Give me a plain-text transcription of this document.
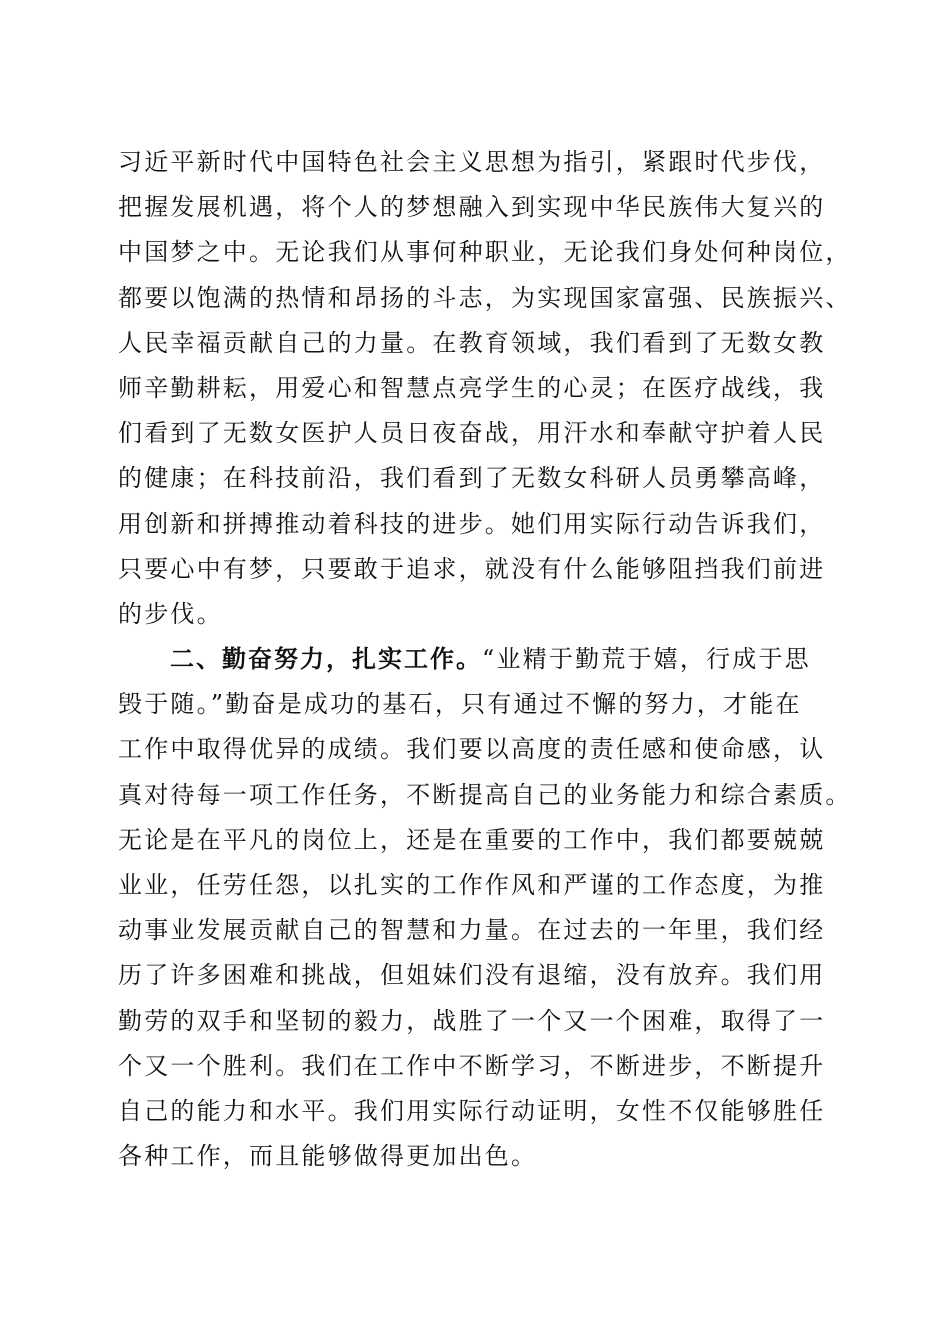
习近平新时代中国特色社会主义思想为指引，紧跟时代步伐，
把握发展机遇，将个人的梦想融入到实现中华民族伟大复兴的
中国梦之中。无论我们从事何种职业，无论我们身处何种岗位，
都要以饱满的热情和昂扬的斗志，为实现国家富强、民族振兴、
人民幸福贡献自己的力量。在教育领域，我们看到了无数女教
师辛勤耕耘，用爱心和智慧点亮学生的心灵；在医疗战线，我
们看到了无数女医护人员日夜奋战，用汗水和奉献守护着人民
的健康；在科技前沿，我们看到了无数女科研人员勇攀高峰，
用创新和拼搏推动着科技的进步。她们用实际行动告诉我们，
只要心中有梦，只要敢于追求，就没有什么能够阻挡我们前进
的步伐。
二、勤奋努力，扎实工作。“业精于勤荒于嬉，行成于思
毁于随。”勤奋是成功的基石，只有通过不懈的努力，才能在
工作中取得优异的成绩。我们要以高度的责任感和使命感，认
真对待每一项工作任务，不断提高自己的业务能力和综合素质。
无论是在平凡的岗位上，还是在重要的工作中，我们都要兢兢
业业，任劳任怨，以扎实的工作作风和严谨的工作态度，为推
动事业发展贡献自己的智慧和力量。在过去的一年里，我们经
历了许多困难和挑战，但姐妹们没有退缩，没有放弃。我们用
勤劳的双手和坚韧的毅力，战胜了一个又一个困难，取得了一
个又一个胜利。我们在工作中不断学习，不断进步，不断提升
自己的能力和水平。我们用实际行动证明，女性不仅能够胜任
各种工作，而且能够做得更加出色。
